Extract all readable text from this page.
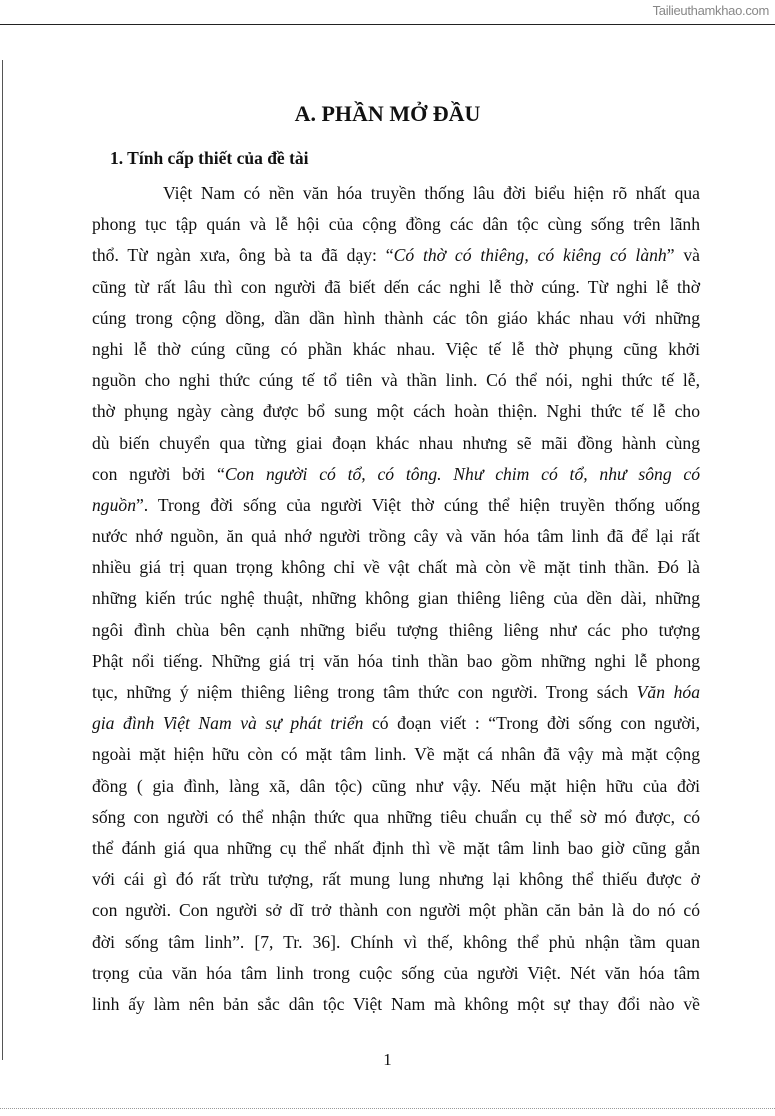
Tailieuthamkhao.com
A. PHẦN MỞ ĐẦU
1. Tính cấp thiết của đề tài
Việt Nam có nền văn hóa truyền thống lâu đời biểu hiện rõ nhất qua
phong tục tập quán và lễ hội của cộng đồng các dân tộc cùng sống trên lãnh
thổ. Từ ngàn xưa, ông bà ta đã dạy: “Có thờ có thiêng, có kiêng có lành” và
cũng từ rất lâu thì con người đã biết dến các nghi lễ thờ cúng. Từ nghi lễ thờ
cúng trong cộng dồng, dần dần hình thành các tôn giáo khác nhau với những
nghi lễ thờ cúng cũng có phần khác nhau. Việc tế lễ thờ phụng cũng khởi
nguồn cho nghi thức cúng tế tổ tiên và thần linh. Có thể nói, nghi thức tế lễ,
thờ phụng ngày càng được bổ sung một cách hoàn thiện. Nghi thức tế lễ cho
dù biến chuyển qua từng giai đoạn khác nhau nhưng sẽ mãi đồng hành cùng
con người bởi “Con người có tổ, có tông. Như chim có tổ, như sông có
nguồn”. Trong đời sống của người Việt thờ cúng thể hiện truyền thống uống
nước nhớ nguồn, ăn quả nhớ người trồng cây và văn hóa tâm linh đã để lại rất
nhiều giá trị quan trọng không chỉ về vật chất mà còn về mặt tinh thần. Đó là
những kiến trúc nghệ thuật, những không gian thiêng liêng của dền dài, những
ngôi đình chùa bên cạnh những biểu tượng thiêng liêng như các pho tượng
Phật nổi tiếng. Những giá trị văn hóa tinh thần bao gồm những nghi lễ phong
tục, những ý niệm thiêng liêng trong tâm thức con người. Trong sách Văn hóa
gia đình Việt Nam và sự phát triển có đoạn viết : “Trong đời sống con người,
ngoài mặt hiện hữu còn có mặt tâm linh. Về mặt cá nhân đã vậy mà mặt cộng
đồng ( gia đình, làng xã, dân tộc) cũng như vậy. Nếu mặt hiện hữu của đời
sống con người có thể nhận thức qua những tiêu chuẩn cụ thể sờ mó được, có
thể đánh giá qua những cụ thể nhất định thì về mặt tâm linh bao giờ cũng gắn
với cái gì đó rất trừu tượng, rất mung lung nhưng lại không thể thiếu được ở
con người. Con người sở dĩ trở thành con người một phần căn bản là do nó có
đời sống tâm linh”. [7, Tr. 36]. Chính vì thế, không thể phủ nhận tầm quan
trọng của văn hóa tâm linh trong cuộc sống của người Việt. Nét văn hóa tâm
linh ấy làm nên bản sắc dân tộc Việt Nam mà không một sự thay đổi nào về
1
